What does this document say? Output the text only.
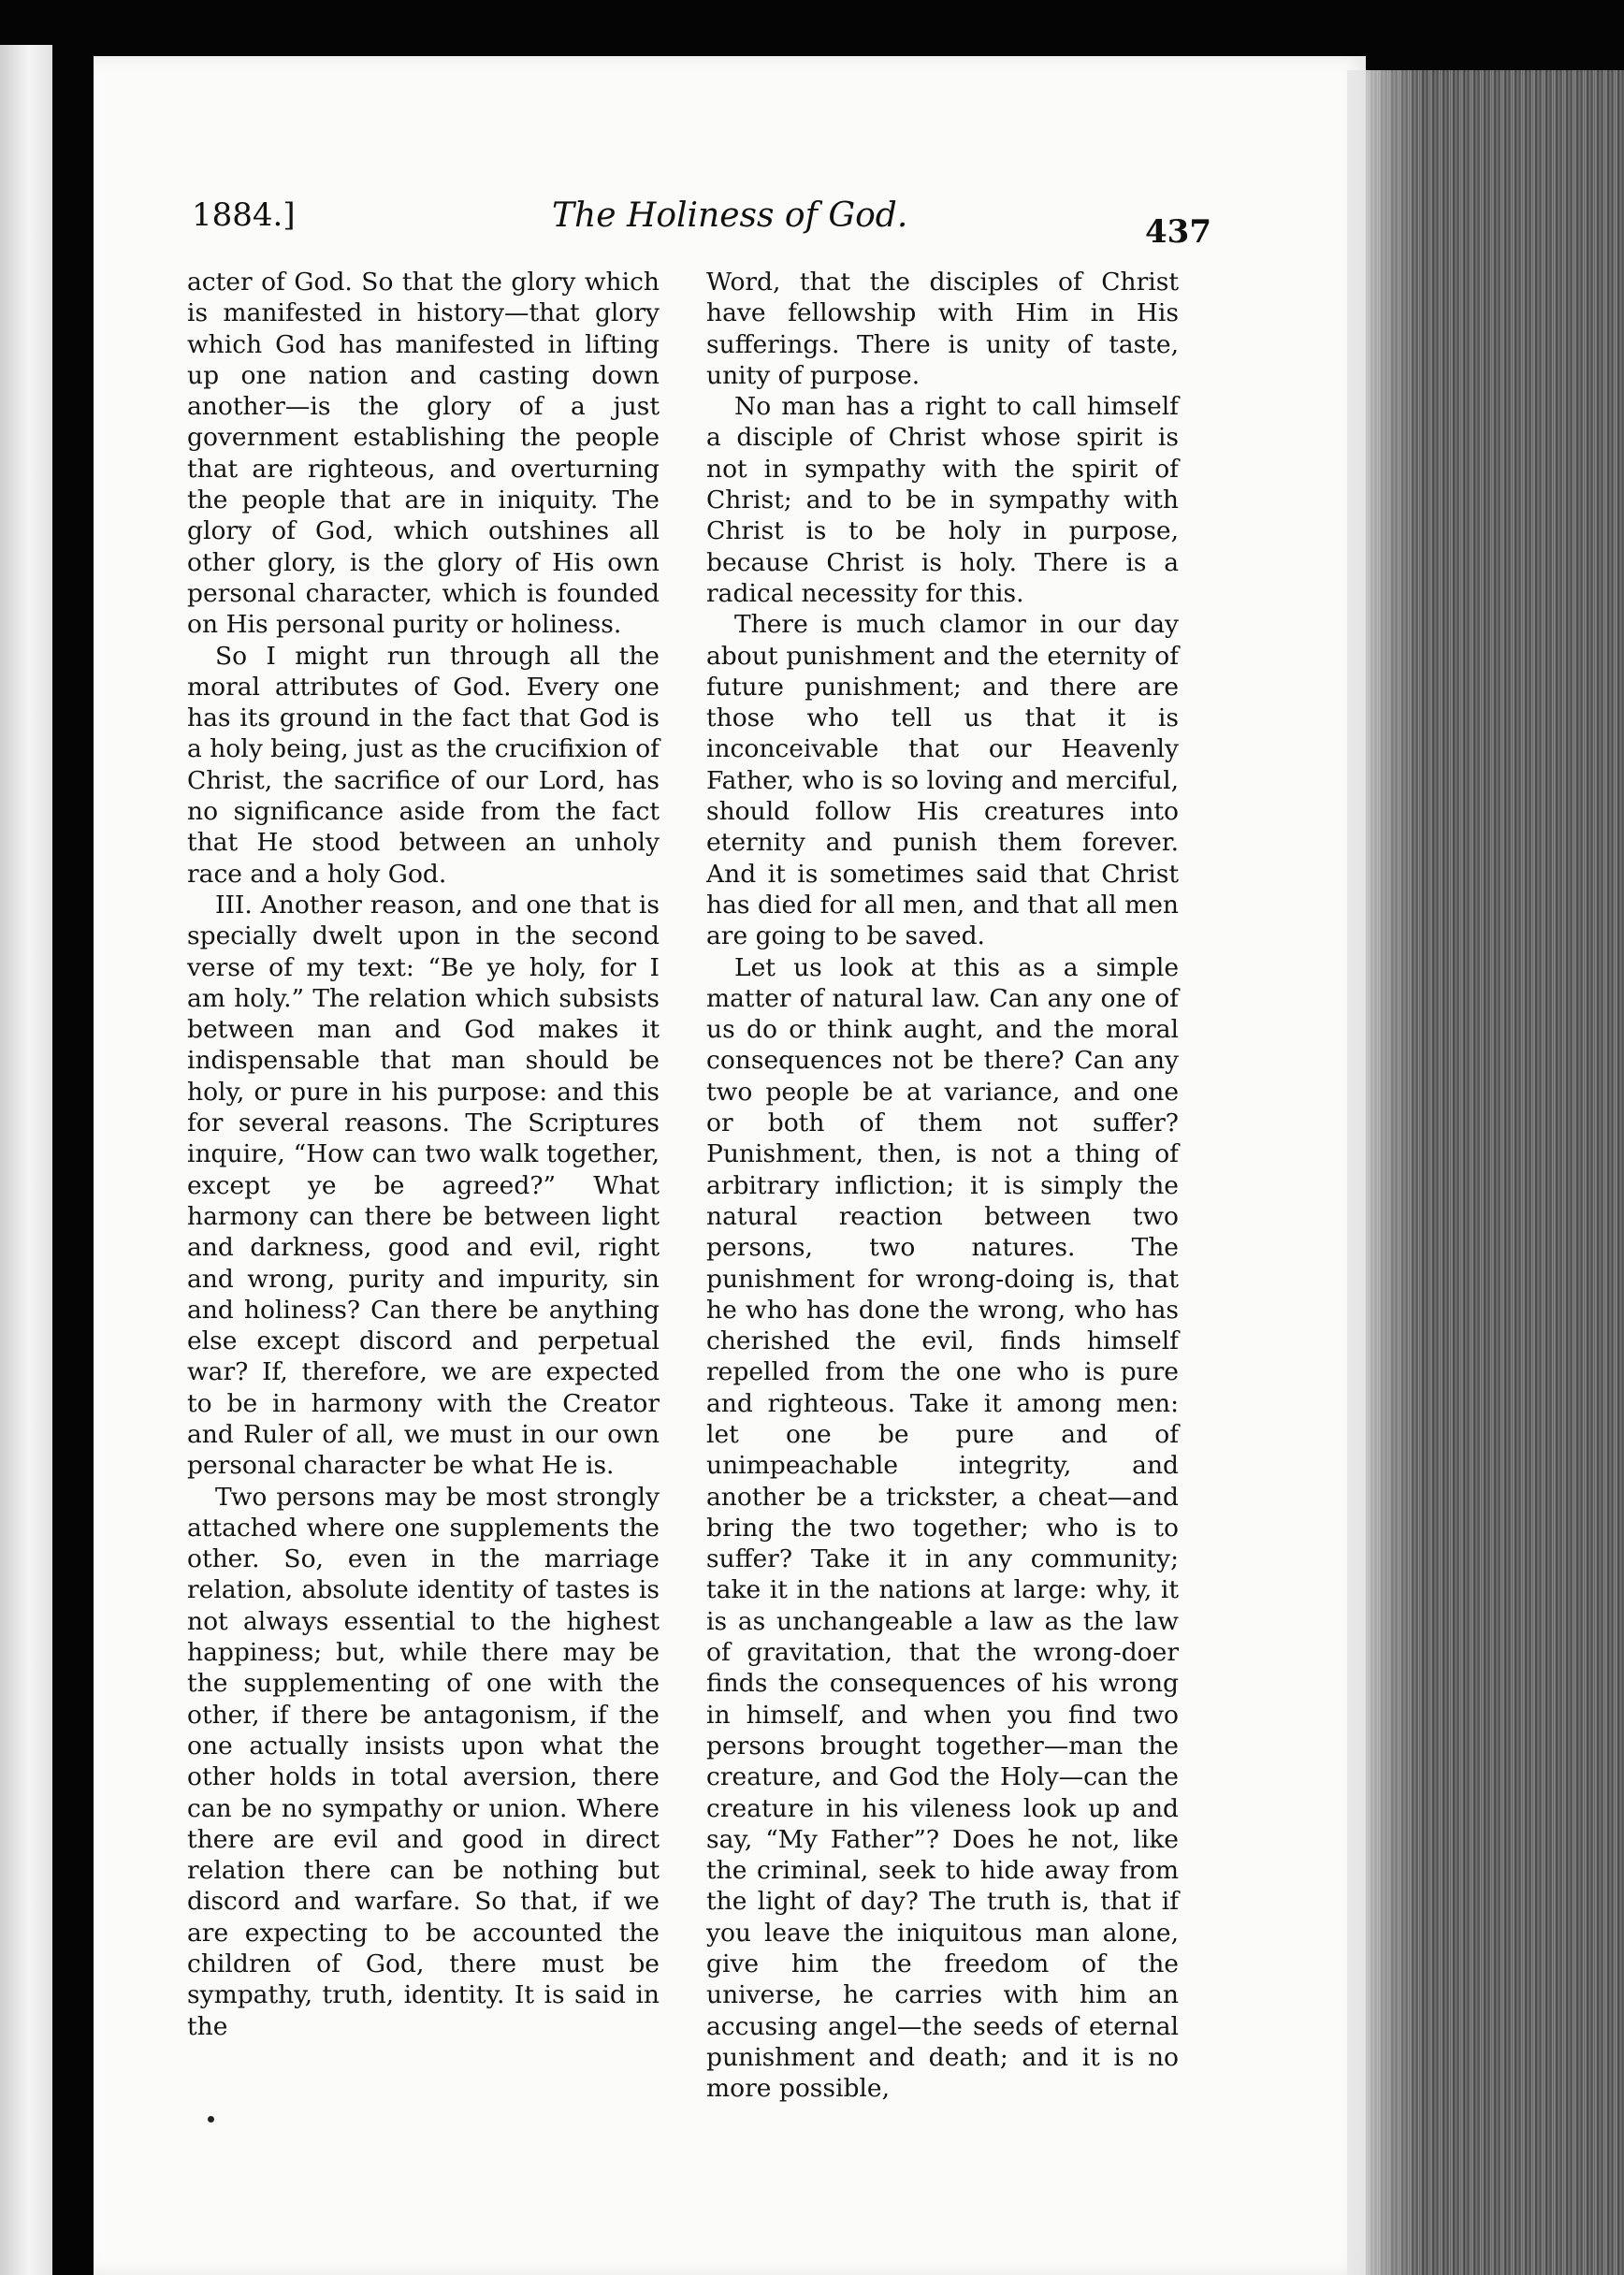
1884.]	The Holiness of God.	437

acter of God. So that the glory which is manifested in history—that glory which God has manifested in lifting up one nation and casting down another—is the glory of a just government establishing the people that are righteous, and overturning the people that are in iniquity. The glory of God, which outshines all other glory, is the glory of His own personal character, which is founded on His personal purity or holiness.

So I might run through all the moral attributes of God. Every one has its ground in the fact that God is a holy being, just as the crucifixion of Christ, the sacrifice of our Lord, has no significance aside from the fact that He stood between an unholy race and a holy God.

III. Another reason, and one that is specially dwelt upon in the second verse of my text: “Be ye holy, for I am holy.” The relation which subsists between man and God makes it indispensable that man should be holy, or pure in his purpose: and this for several reasons. The Scriptures inquire, “How can two walk together, except ye be agreed?” What harmony can there be between light and darkness, good and evil, right and wrong, purity and impurity, sin and holiness? Can there be anything else except discord and perpetual war? If, therefore, we are expected to be in harmony with the Creator and Ruler of all, we must in our own personal character be what He is.

Two persons may be most strongly attached where one supplements the other. So, even in the marriage relation, absolute identity of tastes is not always essential to the highest happiness; but, while there may be the supplementing of one with the other, if there be antagonism, if the one actually insists upon what the other holds in total aversion, there can be no sympathy or union. Where there are evil and good in direct relation there can be nothing but discord and warfare. So that, if we are expecting to be accounted the children of God, there must be sympathy, truth, identity. It is said in the

Word, that the disciples of Christ have fellowship with Him in His sufferings. There is unity of taste, unity of purpose.

No man has a right to call himself a disciple of Christ whose spirit is not in sympathy with the spirit of Christ; and to be in sympathy with Christ is to be holy in purpose, because Christ is holy. There is a radical necessity for this.

There is much clamor in our day about punishment and the eternity of future punishment; and there are those who tell us that it is inconceivable that our Heavenly Father, who is so loving and merciful, should follow His creatures into eternity and punish them forever. And it is sometimes said that Christ has died for all men, and that all men are going to be saved.

Let us look at this as a simple matter of natural law. Can any one of us do or think aught, and the moral consequences not be there? Can any two people be at variance, and one or both of them not suffer? Punishment, then, is not a thing of arbitrary infliction; it is simply the natural reaction between two persons, two natures. The punishment for wrong-doing is, that he who has done the wrong, who has cherished the evil, finds himself repelled from the one who is pure and righteous. Take it among men: let one be pure and of unimpeachable integrity, and another be a trickster, a cheat—and bring the two together; who is to suffer? Take it in any community; take it in the nations at large: why, it is as unchangeable a law as the law of gravitation, that the wrong-doer finds the consequences of his wrong in himself, and when you find two persons brought together—man the creature, and God the Holy—can the creature in his vileness look up and say, “My Father”? Does he not, like the criminal, seek to hide away from the light of day? The truth is, that if you leave the iniquitous man alone, give him the freedom of the universe, he carries with him an accusing angel—the seeds of eternal punishment and death; and it is no more possible,
